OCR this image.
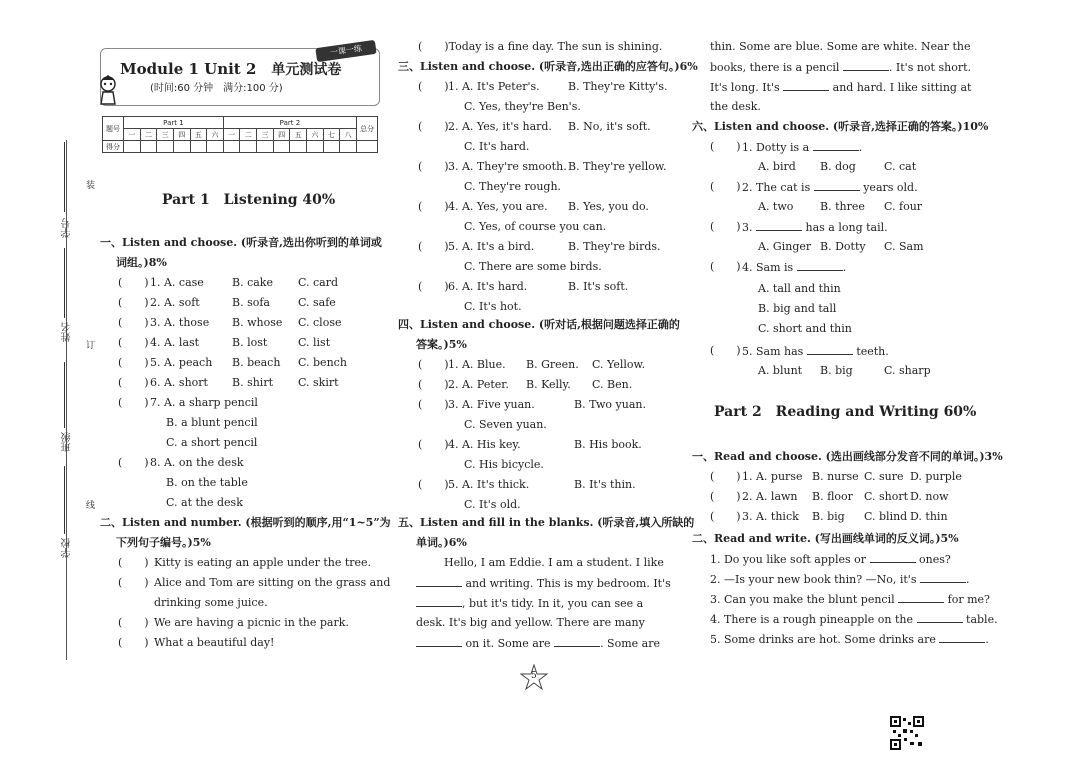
学号
姓名
班级
学校
装
订
线
一课一练
Module 1 Unit 2　 单元测试卷
(时间:60 分钟　满分:100 分)
题号	Part 1						Part 2								总分
	一	二	三	四	五	六	一	二	三	四	五	六	七	八	
得分															
Part 1　Listening 40%
一、Listen and choose. (听录音,选出你听到的单词或
词组。)8%
(　　) 1. A. case	B. cake C. card
(　　) 2. A. soft	B. sofa	C. safe
(　　) 3. A. those B. whose C. close
(　　) 4. A. last	B. lost	C. list
(　　) 5. A. peach B. beach C. bench
(　　) 6. A. short B. shirt C. skirt
(　　) 7. A. a sharp pencil
B. a blunt pencil
C. a short pencil
(　　) 8. A. on the desk
B. on the table
C. at the desk
二、Listen and number. (根据听到的顺序,用“1~5”为
下列句子编号。)5%
(　　) Kitty is eating an apple under the tree.
(　　) Alice and Tom are sitting on the grass and
drinking some juice.
(　　) We are having a picnic in the park.
(　　) What a beautiful day!
(　　)Today is a fine day. The sun is shining.
三、Listen and choose. (听录音,选出正确的应答句。)6%
(　　) 1. A. It's Peter's.	B. They're Kitty's.
C. Yes, they're Ben's.
(　　) 2. A. Yes, it's hard. B. No, it's soft.
C. It's hard.
(　　) 3. A. They're smooth. B. They're yellow.
C. They're rough.
(　　) 4. A. Yes, you are. B. Yes, you do.
C. Yes, of course you can.
(　　) 5. A. It's a bird.	B. They're birds.
C. There are some birds.
(　　) 6. A. It's hard.	B. It's soft.
C. It's hot.
四、Listen and choose. (听对话,根据问题选择正确的
答案。)5%
(　　) 1. A. Blue. B. Green. C. Yellow.
(　　) 2. A. Peter. B. Kelly. C. Ben.
(　　) 3. A. Five yuan.	B. Two yuan.
C. Seven yuan.
(　　) 4. A. His key.	B. His book.
C. His bicycle.
(　　) 5. A. It's thick.	B. It's thin.
C. It's old.
五、Listen and fill in the blanks. (听录音,填入所缺的
单词。)6%
Hello, I am Eddie. I am a student. I like
and writing. This is my bedroom. It's
, but it's tidy. In it, you can see a
desk. It's big and yellow. There are many
on it. Some are	. Some are
5
thin. Some are blue. Some are white. Near the
books, there is a pencil	. It's not short.
It's long. It's	and hard. I like sitting at
the desk.
六、Listen and choose. (听录音,选择正确的答案。)10%
(　　) 1. Dotty is a	.
A. bird B. dog	C. cat
(　　) 2. The cat is	years old.
A. two B. three C. four
(　　) 3.	has a long tail.
A. Ginger B. Dotty C. Sam
(　　) 4. Sam is	.
A. tall and thin
B. big and tall
C. short and thin
(　　) 5. Sam has	teeth.
A. blunt B. big	C. sharp
Part 2　Reading and Writing 60%
一、Read and choose. (选出画线部分发音不同的单词。)3%
(　　) 1. A. purse B. nurse C. sure D. purple
(　　) 2. A. lawn B. floor C. short D. now
(　　) 3. A. thick B. big C. blind D. thin
二、Read and write. (写出画线单词的反义词。)5%
1. Do you like soft apples or	ones?
2. —Is your new book thin? —No, it's	.
3. Can you make the blunt pencil	for me?
4. There is a rough pineapple on the	table.
5. Some drinks are hot. Some drinks are	.
